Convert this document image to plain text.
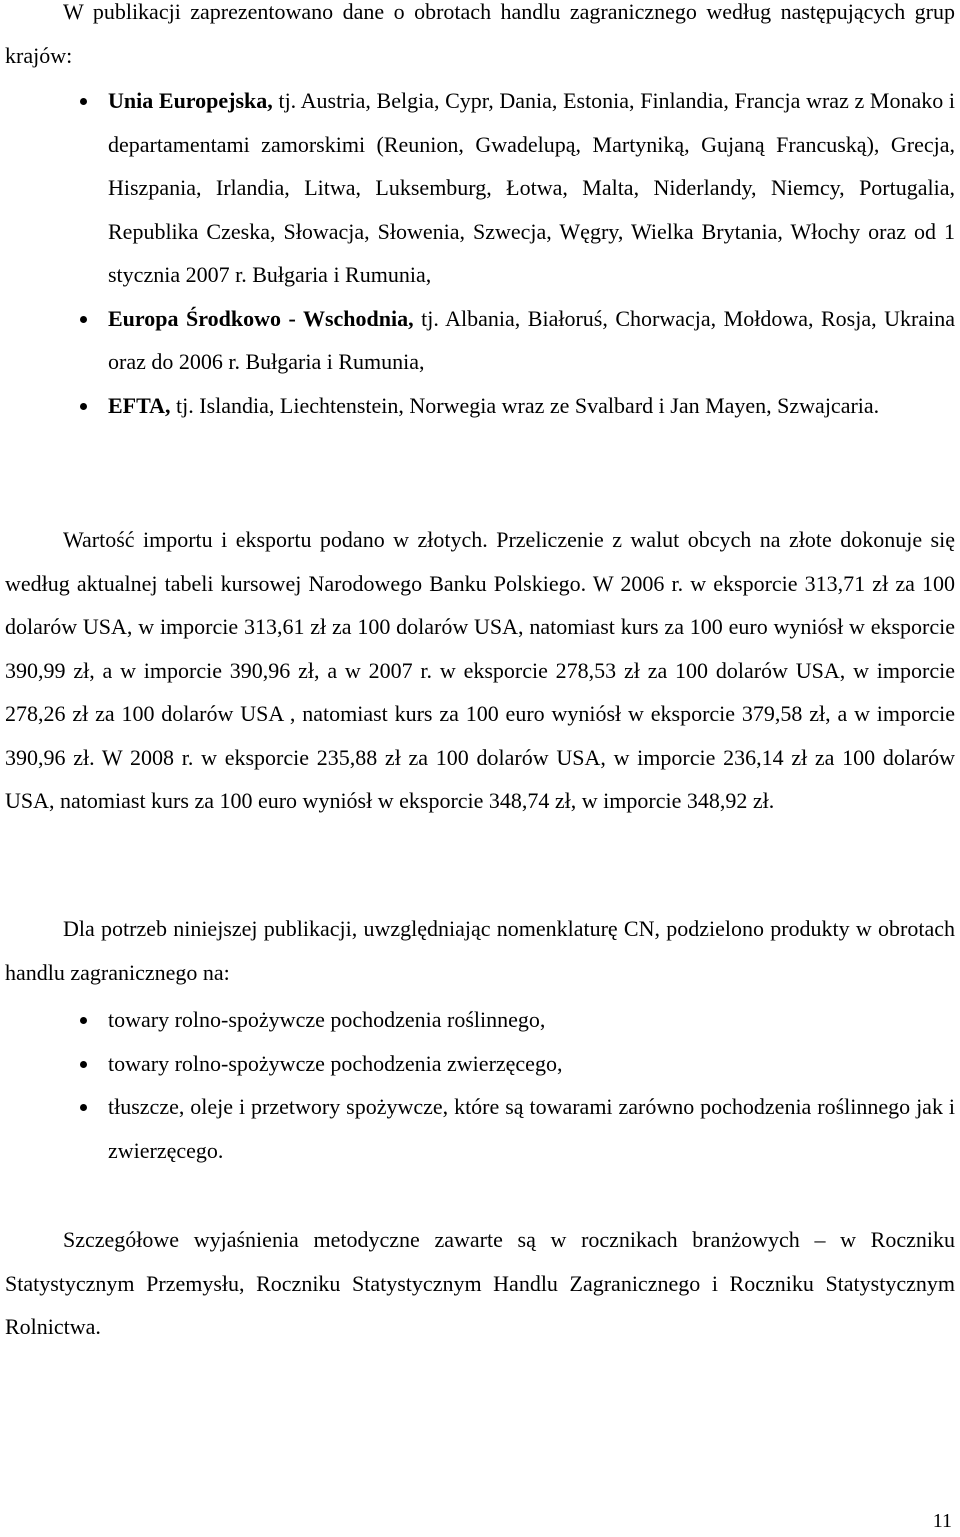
W publikacji zaprezentowano dane o obrotach handlu zagranicznego według następujących grup krajów:

Unia Europejska, tj. Austria, Belgia, Cypr, Dania, Estonia, Finlandia, Francja wraz z Monako i departamentami zamorskimi (Reunion, Gwadelupą, Martyniką, Gujaną Francuską), Grecja, Hiszpania, Irlandia, Litwa, Luksemburg, Łotwa, Malta, Niderlandy, Niemcy, Portugalia, Republika Czeska, Słowacja, Słowenia, Szwecja, Węgry, Wielka Brytania, Włochy oraz od 1 stycznia 2007 r. Bułgaria i Rumunia,
Europa Środkowo - Wschodnia, tj. Albania, Białoruś, Chorwacja, Mołdowa, Rosja, Ukraina oraz do 2006 r. Bułgaria i Rumunia,
EFTA, tj. Islandia, Liechtenstein, Norwegia wraz ze Svalbard i Jan Mayen, Szwajcaria.

Wartość importu i eksportu podano w złotych. Przeliczenie z walut obcych na złote dokonuje się według aktualnej tabeli kursowej Narodowego Banku Polskiego. W 2006 r. w eksporcie 313,71 zł za 100 dolarów USA, w imporcie 313,61 zł za 100 dolarów USA, natomiast kurs za 100 euro wyniósł w eksporcie 390,99 zł, a w imporcie 390,96 zł, a w 2007 r. w eksporcie 278,53 zł za 100 dolarów USA, w imporcie 278,26 zł za 100 dolarów USA , natomiast kurs za 100 euro wyniósł w eksporcie 379,58 zł, a w imporcie 390,96 zł. W 2008 r. w eksporcie 235,88 zł za 100 dolarów USA, w imporcie 236,14 zł za 100 dolarów USA, natomiast kurs za 100 euro wyniósł w eksporcie 348,74 zł, w imporcie 348,92 zł.

Dla potrzeb niniejszej publikacji, uwzględniając nomenklaturę CN, podzielono produkty w obrotach handlu zagranicznego na:

towary rolno-spożywcze pochodzenia roślinnego,
towary rolno-spożywcze pochodzenia zwierzęcego,
tłuszcze, oleje i przetwory spożywcze, które są towarami zarówno pochodzenia roślinnego jak i zwierzęcego.

Szczegółowe wyjaśnienia metodyczne zawarte są w rocznikach branżowych – w Roczniku Statystycznym Przemysłu, Roczniku Statystycznym Handlu Zagranicznego i Roczniku Statystycznym Rolnictwa.

11
